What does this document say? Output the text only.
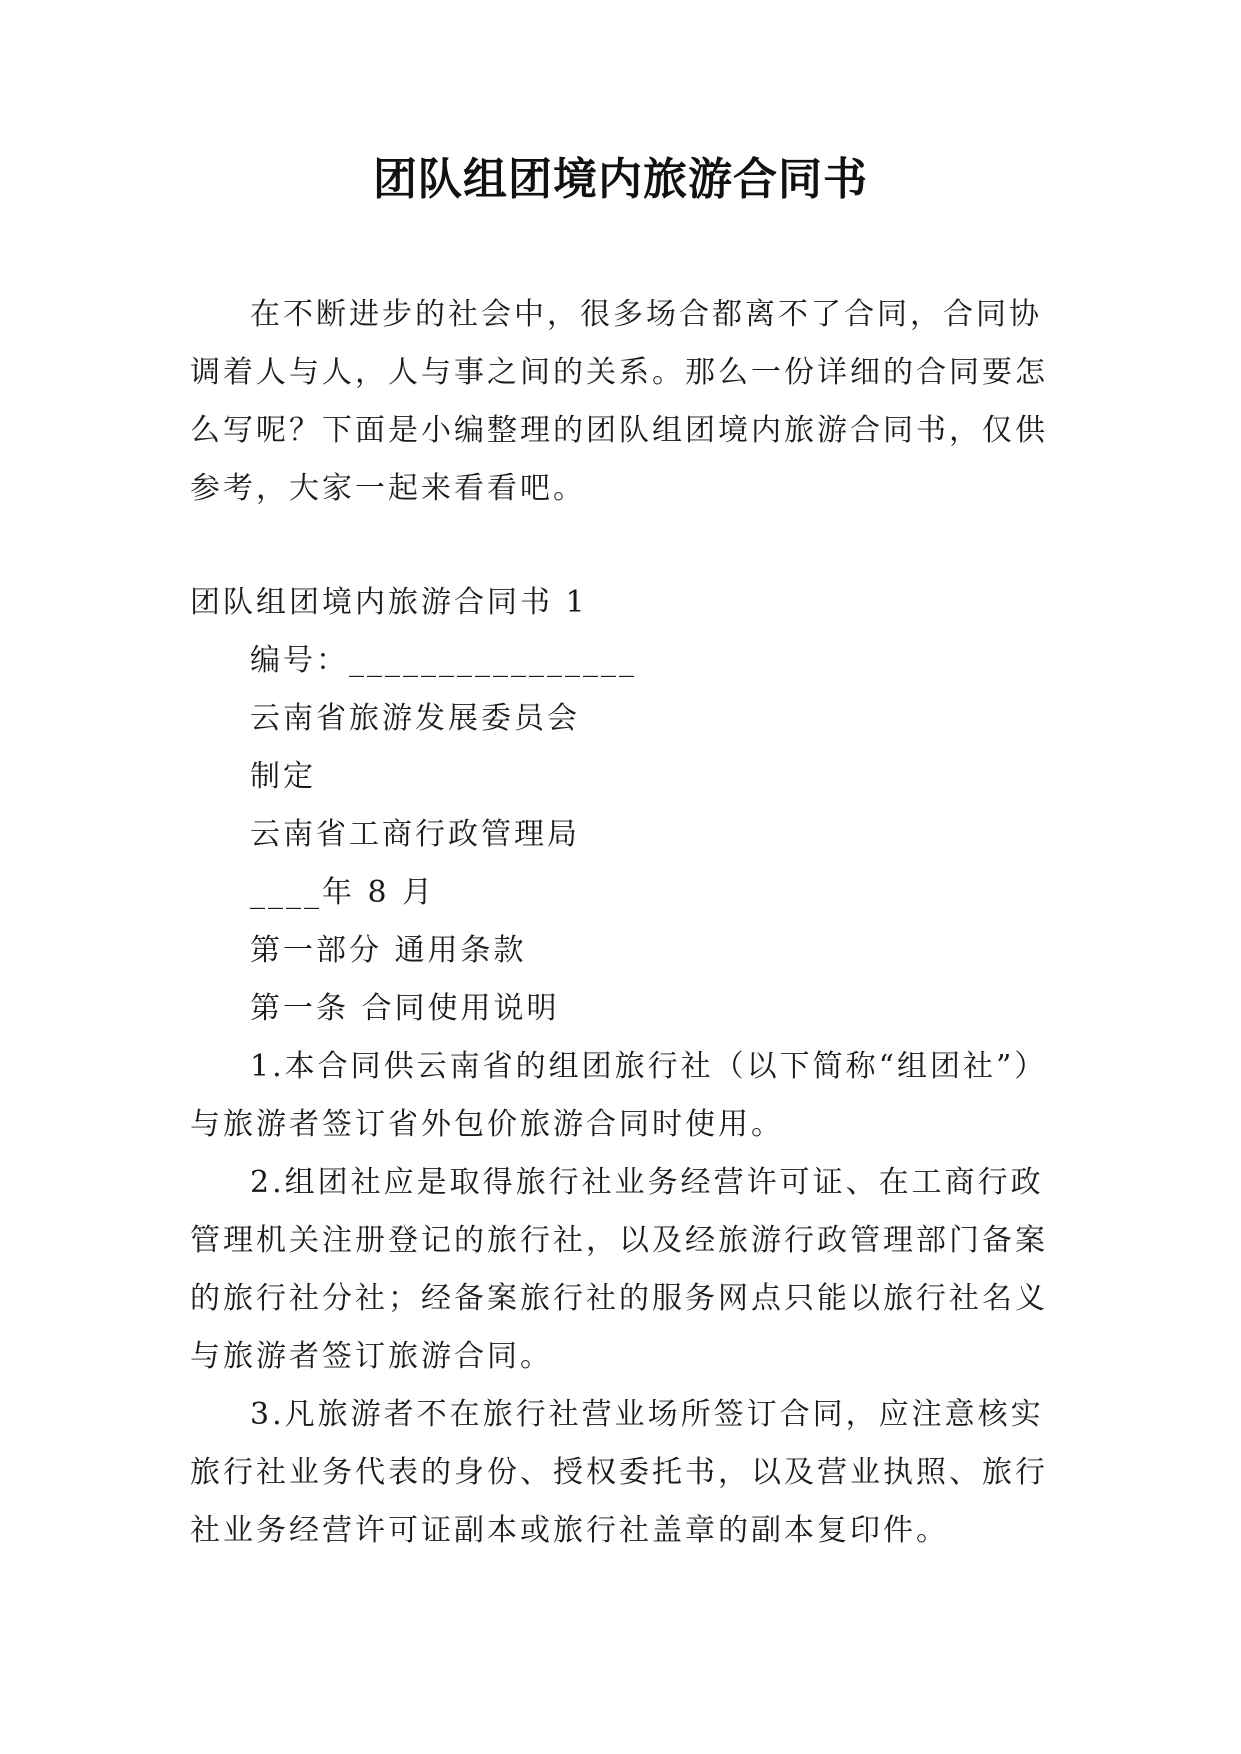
团队组团境内旅游合同书

在不断进步的社会中，很多场合都离不了合同，合同协调着人与人，人与事之间的关系。那么一份详细的合同要怎么写呢？下面是小编整理的团队组团境内旅游合同书，仅供参考，大家一起来看看吧。

团队组团境内旅游合同书 1

编号：________________

云南省旅游发展委员会

制定

云南省工商行政管理局

____年 8 月

第一部分 通用条款

第一条 合同使用说明

1.本合同供云南省的组团旅行社（以下简称“组团社”）与旅游者签订省外包价旅游合同时使用。

2.组团社应是取得旅行社业务经营许可证、在工商行政管理机关注册登记的旅行社，以及经旅游行政管理部门备案的旅行社分社；经备案旅行社的服务网点只能以旅行社名义与旅游者签订旅游合同。

3.凡旅游者不在旅行社营业场所签订合同，应注意核实旅行社业务代表的身份、授权委托书，以及营业执照、旅行社业务经营许可证副本或旅行社盖章的副本复印件。
